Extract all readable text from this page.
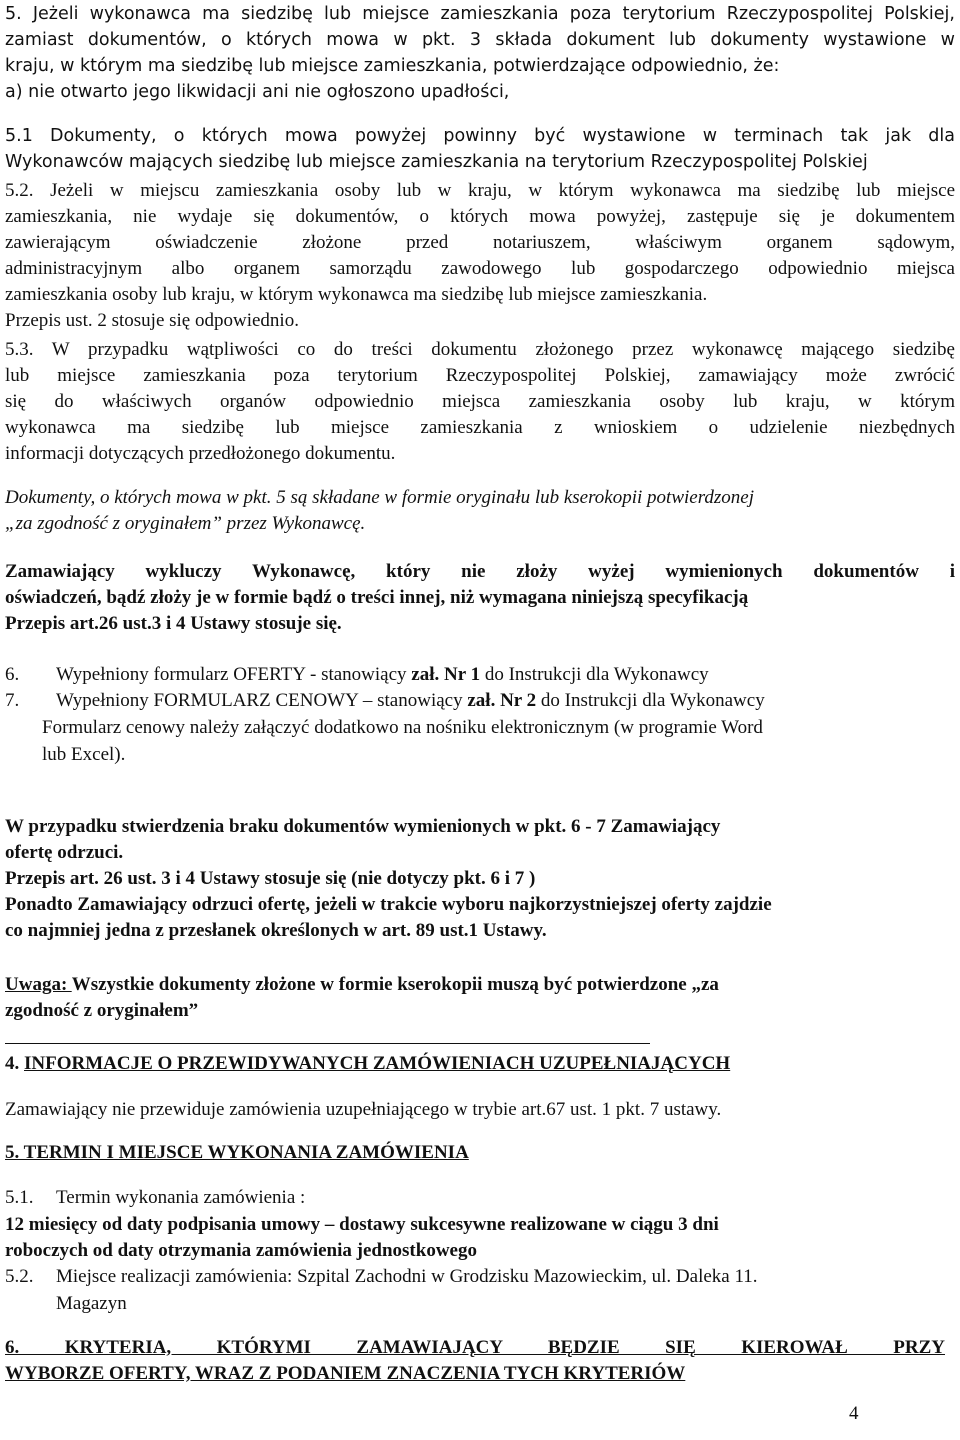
5. Jeżeli wykonawca ma siedzibę lub miejsce zamieszkania poza terytorium Rzeczypospolitej Polskiej,
zamiast dokumentów, o których mowa w pkt. 3 składa dokument lub dokumenty wystawione w
kraju, w którym ma siedzibę lub miejsce zamieszkania, potwierdzające odpowiednio, że:
a) nie otwarto jego likwidacji ani nie ogłoszono upadłości,
5.1 Dokumenty, o których mowa powyżej powinny być wystawione w terminach tak jak dla
Wykonawców mających siedzibę lub miejsce zamieszkania na terytorium Rzeczypospolitej Polskiej
5.2. Jeżeli w miejscu zamieszkania osoby lub w kraju, w którym wykonawca ma siedzibę lub miejsce
zamieszkania, nie wydaje się dokumentów, o których mowa powyżej, zastępuje się je dokumentem
zawierającym oświadczenie złożone przed notariuszem, właściwym organem sądowym,
administracyjnym albo organem samorządu zawodowego lub gospodarczego odpowiednio miejsca
zamieszkania osoby lub kraju, w którym wykonawca ma siedzibę lub miejsce zamieszkania.
Przepis ust. 2 stosuje się odpowiednio.
5.3. W przypadku wątpliwości co do treści dokumentu złożonego przez wykonawcę mającego siedzibę
lub miejsce zamieszkania poza terytorium Rzeczypospolitej Polskiej, zamawiający może zwrócić
się do właściwych organów odpowiednio miejsca zamieszkania osoby lub kraju, w którym
wykonawca ma siedzibę lub miejsce zamieszkania z wnioskiem o udzielenie niezbędnych
informacji dotyczących przedłożonego dokumentu.
Dokumenty, o których mowa w pkt. 5 są składane w formie oryginału lub kserokopii potwierdzonej
„zа zgodność z oryginałem” przez Wykonawcę.
Zamawiający wykluczy Wykonawcę, który nie złoży wyżej wymienionych dokumentów i
oświadczeń, bądź złoży je w formie bądź o treści innej, niż wymagana niniejszą specyfikacją
Przepis art.26 ust.3 i 4 Ustawy stosuje się.
6. Wypełniony formularz OFERTY - stanowiący zał. Nr 1 do Instrukcji dla Wykonawcy
7. Wypełniony FORMULARZ CENOWY – stanowiący zał. Nr 2 do Instrukcji dla Wykonawcy
Formularz cenowy należy załączyć dodatkowo na nośniku elektronicznym (w programie Word
lub Excel).
W przypadku stwierdzenia braku dokumentów wymienionych w pkt. 6 - 7 Zamawiający
ofertę odrzuci.
Przepis art. 26 ust. 3 i 4 Ustawy stosuje się (nie dotyczy pkt. 6 i 7 )
Ponadto Zamawiający odrzuci ofertę, jeżeli w trakcie wyboru najkorzystniejszej oferty zajdzie
co najmniej jedna z przesłanek określonych w art. 89 ust.1 Ustawy.
Uwaga: Wszystkie dokumenty złożone w formie kserokopii muszą być potwierdzone „za
zgodność z oryginałem”
4. INFORMACJE O PRZEWIDYWANYCH ZAMÓWIENIACH UZUPEŁNIAJĄCYCH
Zamawiający nie przewiduje zamówienia uzupełniającego w trybie art.67 ust. 1 pkt. 7 ustawy.
5. TERMIN I MIEJSCE WYKONANIA ZAMÓWIENIA
5.1. Termin wykonania zamówienia :
12 miesięcy od daty podpisania umowy – dostawy sukcesywne realizowane w ciągu 3 dni
roboczych od daty otrzymania zamówienia jednostkowego
5.2. Miejsce realizacji zamówienia: Szpital Zachodni w Grodzisku Mazowieckim, ul. Daleka 11.
Magazyn
6. KRYTERIA, KTÓRYMI ZAMAWIAJĄCY BĘDZIE SIĘ KIEROWAŁ PRZY
WYBORZE OFERTY, WRAZ Z PODANIEM ZNACZENIA TYCH KRYTERIÓW
4
